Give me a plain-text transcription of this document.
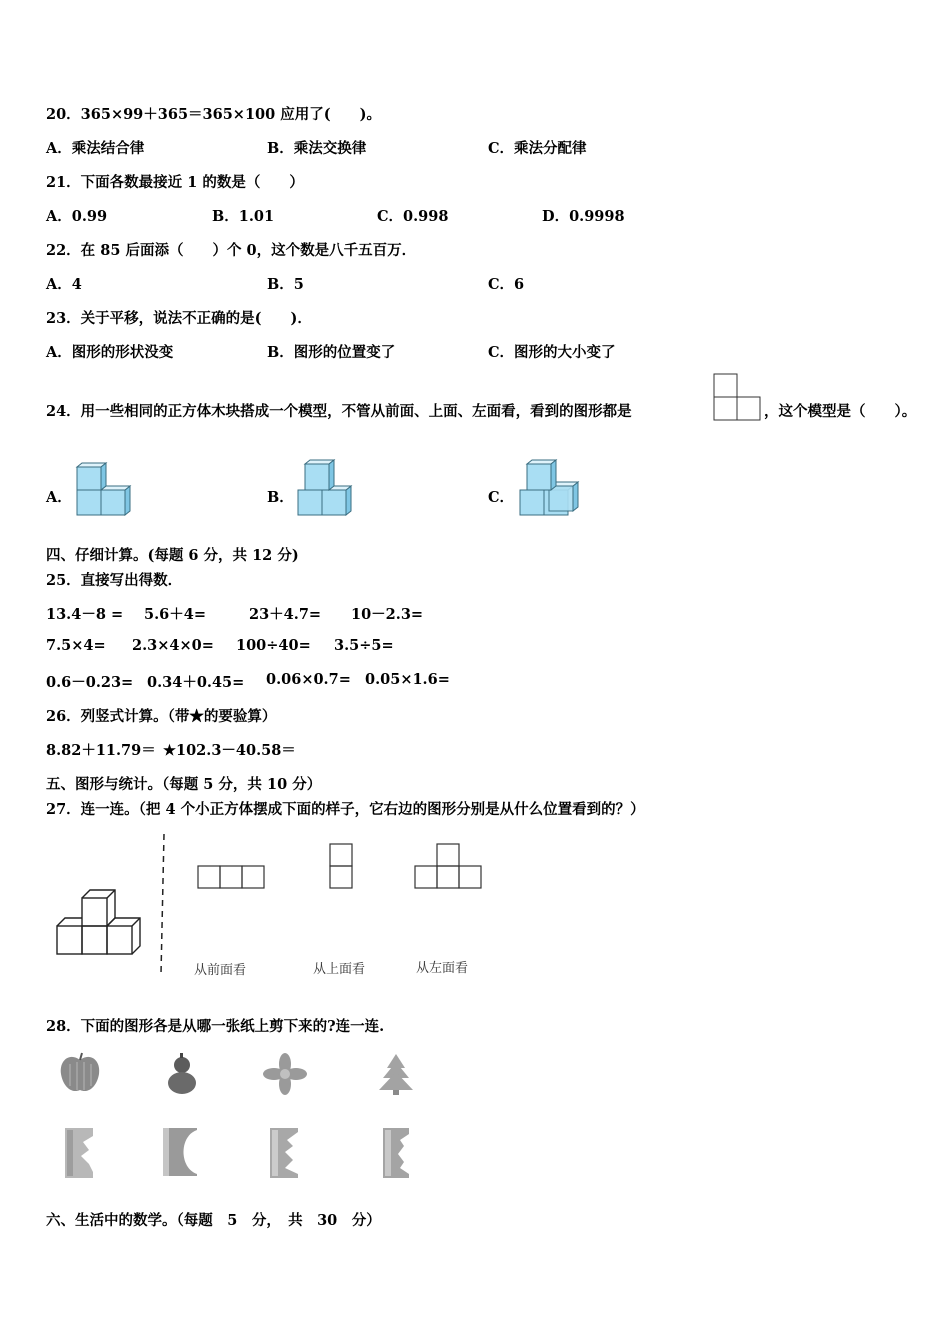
20．365×99＋365＝365×100 应用了(　　)。
A．乘法结合律	B．乘法交换律	C．乘法分配律
21．下面各数最接近 1 的数是（　　）
A．0.99	B．1.01	C．0.998	D．0.9998
22．在 85 后面添（　　）个 0，这个数是八千五百万．
A．4	B．5	C．6
23．关于平移，说法不正确的是(　　)．
A．图形的形状没变	B．图形的位置变了	C．图形的大小变了
24．用一些相同的正方体木块搭成一个模型，不管从前面、上面、左面看，看到的图形都是	，这个模型是（　　）。
A．	B．	C．
四、仔细计算。(每题 6 分，共 12 分)
25．直接写出得数．
13.4－8 = 5.6＋4=	23＋4.7= 10－2.3=
7.5×4= 2.3×4×0= 100÷40= 3.5÷5=
0.6－0.23= 0.34＋0.45= 0.06×0.7= 0.05×1.6=
26．列竖式计算。（带★的要验算）
8.82＋11.79＝ ★102.3－40.58＝
五、图形与统计。（每题 5 分，共 10 分）
27．连一连。（把 4 个小正方体摆成下面的样子，它右边的图形分别是从什么位置看到的？）
从前面看	从上面看	从左面看
28．下面的图形各是从哪一张纸上剪下来的?连一连.
六、生活中的数学。（每题　5　分，　共　30　分）
